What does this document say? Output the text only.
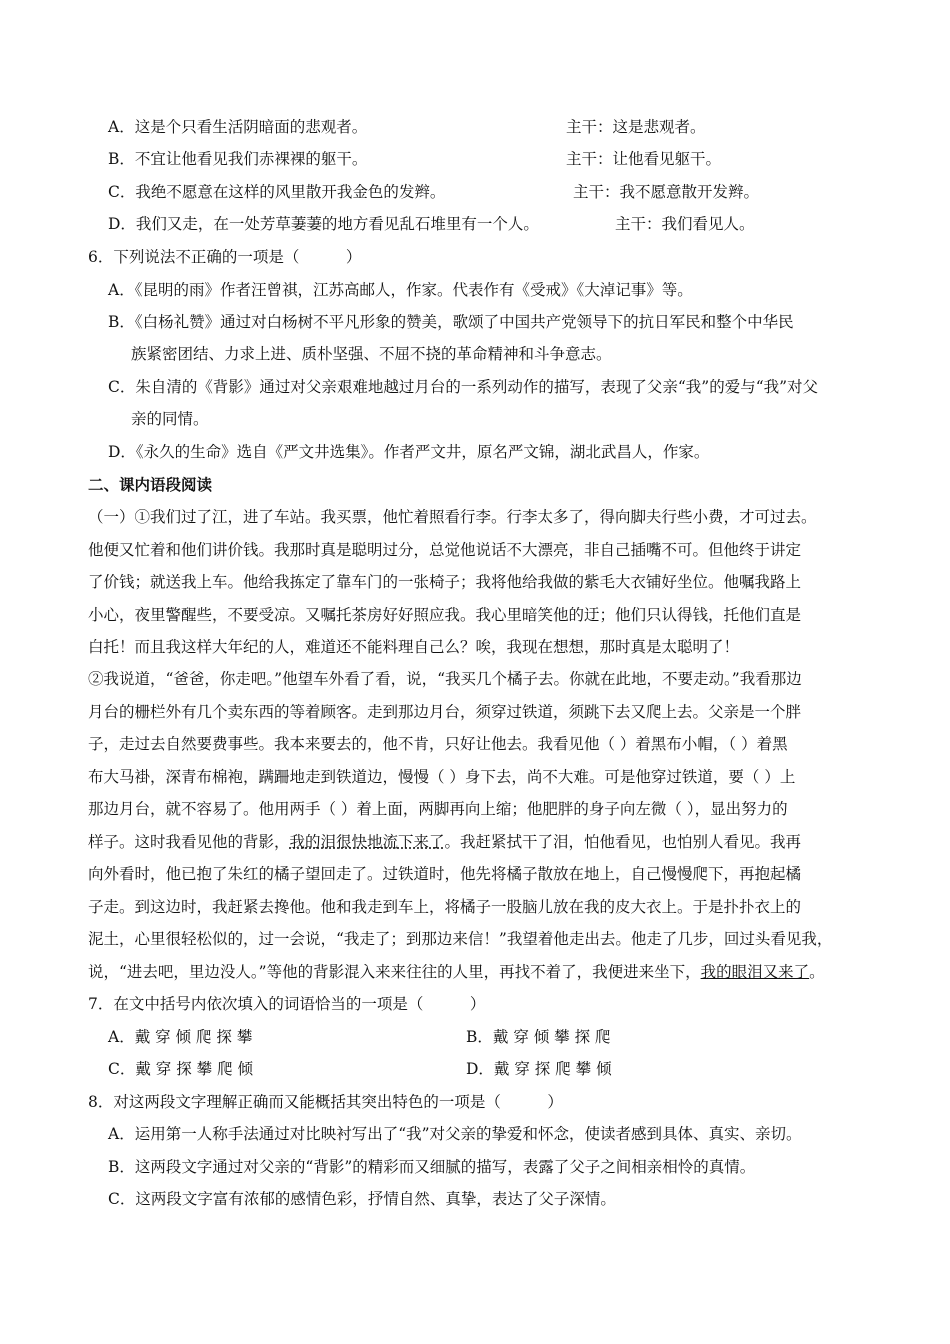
A．这是个只看生活阴暗面的悲观者。	主干：这是悲观者。
B．不宜让他看见我们赤裸裸的躯干。	主干：让他看见躯干。
C．我绝不愿意在这样的风里散开我金色的发辫。	主干：我不愿意散开发辫。
D．我们又走，在一处芳草萋萋的地方看见乱石堆里有一个人。	主干：我们看见人。
6．下列说法不正确的一项是（　　　）
A．《昆明的雨》作者汪曾祺，江苏高邮人，作家。代表作有《受戒》《大淖记事》等。
B．《白杨礼赞》通过对白杨树不平凡形象的赞美，歌颂了中国共产党领导下的抗日军民和整个中华民
族紧密团结、力求上进、质朴坚强、不屈不挠的革命精神和斗争意志。
C．朱自清的《背影》通过对父亲艰难地越过月台的一系列动作的描写，表现了父亲“我”的爱与“我”对父
亲的同情。
D．《永久的生命》选自《严文井选集》。作者严文井，原名严文锦，湖北武昌人，作家。
二、课内语段阅读
（一）①我们过了江，进了车站。我买票，他忙着照看行李。行李太多了，得向脚夫行些小费，才可过去。
他便又忙着和他们讲价钱。我那时真是聪明过分，总觉他说话不大漂亮，非自己插嘴不可。但他终于讲定
了价钱；就送我上车。他给我拣定了靠车门的一张椅子；我将他给我做的紫毛大衣铺好坐位。他嘱我路上
小心，夜里警醒些，不要受凉。又嘱托茶房好好照应我。我心里暗笑他的迂；他们只认得钱，托他们直是
白托！而且我这样大年纪的人，难道还不能料理自己么？唉，我现在想想，那时真是太聪明了！
②我说道，“爸爸，你走吧。”他望车外看了看，说，“我买几个橘子去。你就在此地，不要走动。”我看那边
月台的栅栏外有几个卖东西的等着顾客。走到那边月台，须穿过铁道，须跳下去又爬上去。父亲是一个胖
子，走过去自然要费事些。我本来要去的，他不肯，只好让他去。我看见他（ ）着黑布小帽，（ ）着黑
布大马褂，深青布棉袍，蹒跚地走到铁道边，慢慢（ ）身下去，尚不大难。可是他穿过铁道，要（ ）上
那边月台，就不容易了。他用两手（ ）着上面，两脚再向上缩；他肥胖的身子向左微（ ），显出努力的
样子。这时我看见他的背影，我的泪很快地流下来了。我赶紧拭干了泪，怕他看见，也怕别人看见。我再
向外看时，他已抱了朱红的橘子望回走了。过铁道时，他先将橘子散放在地上，自己慢慢爬下，再抱起橘
子走。到这边时，我赶紧去搀他。他和我走到车上，将橘子一股脑儿放在我的皮大衣上。于是扑扑衣上的
泥土，心里很轻松似的，过一会说，“我走了；到那边来信！”我望着他走出去。他走了几步，回过头看见我，
说，“进去吧，里边没人。”等他的背影混入来来往往的人里，再找不着了，我便进来坐下，我的眼泪又来了。
7．在文中括号内依次填入的词语恰当的一项是（　　　）
A．戴 穿 倾 爬 探 攀	B．戴 穿 倾 攀 探 爬
C．戴 穿 探 攀 爬 倾	D．戴 穿 探 爬 攀 倾
8．对这两段文字理解正确而又能概括其突出特色的一项是（　　　）
A．运用第一人称手法通过对比映衬写出了“我”对父亲的挚爱和怀念，使读者感到具体、真实、亲切。
B．这两段文字通过对父亲的“背影”的精彩而又细腻的描写，表露了父子之间相亲相怜的真情。
C．这两段文字富有浓郁的感情色彩，抒情自然、真挚，表达了父子深情。
